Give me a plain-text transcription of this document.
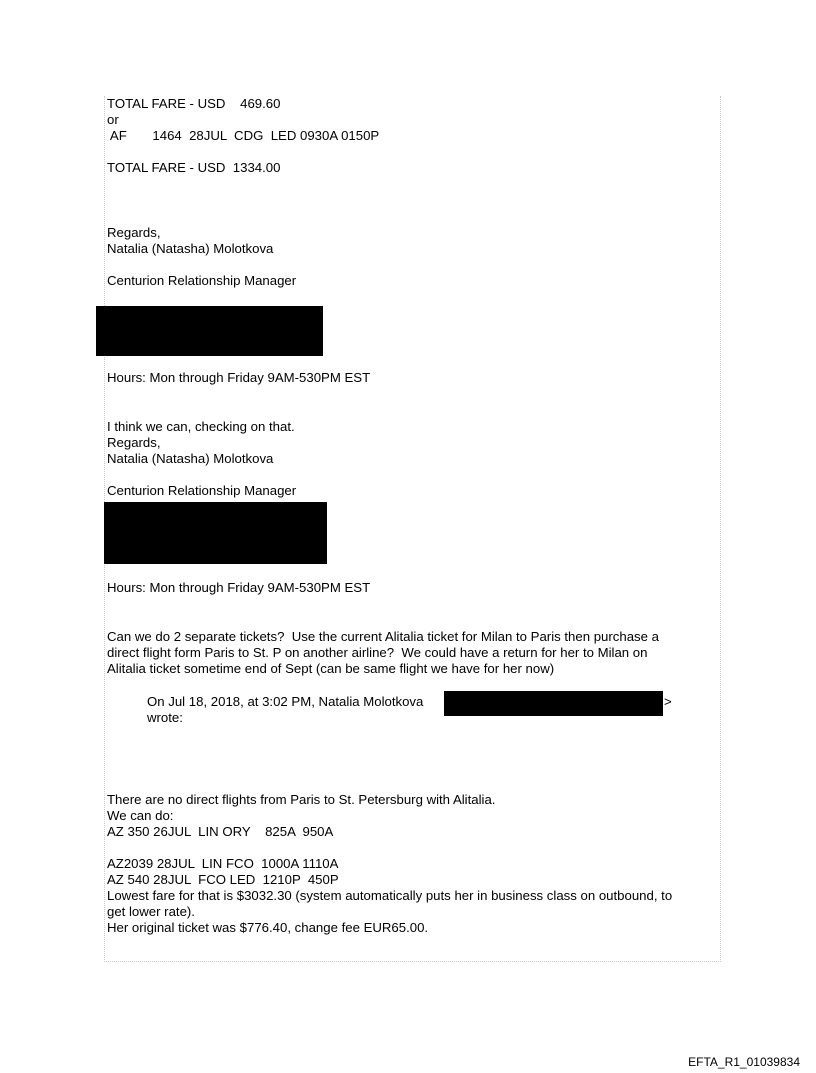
TOTAL FARE - USD    469.60
or
AF       1464  28JUL  CDG  LED 0930A 0150P
TOTAL FARE - USD  1334.00
Regards,
Natalia (Natasha) Molotkova
Centurion Relationship Manager
Hours: Mon through Friday 9AM-530PM EST
I think we can, checking on that.
Regards,
Natalia (Natasha) Molotkova
Centurion Relationship Manager
Hours: Mon through Friday 9AM-530PM EST
Can we do 2 separate tickets?  Use the current Alitalia ticket for Milan to Paris then purchase a
direct flight form Paris to St. P on another airline?  We could have a return for her to Milan on
Alitalia ticket sometime end of Sept (can be same flight we have for her now)
On Jul 18, 2018, at 3:02 PM, Natalia Molotkova	>
wrote:
There are no direct flights from Paris to St. Petersburg with Alitalia.
We can do:
AZ 350 26JUL  LIN ORY    825A  950A
AZ2039 28JUL  LIN FCO  1000A 1110A
AZ 540 28JUL  FCO LED  1210P  450P
Lowest fare for that is $3032.30 (system automatically puts her in business class on outbound, to
get lower rate).
Her original ticket was $776.40, change fee EUR65.00.
EFTA_R1_01039834
